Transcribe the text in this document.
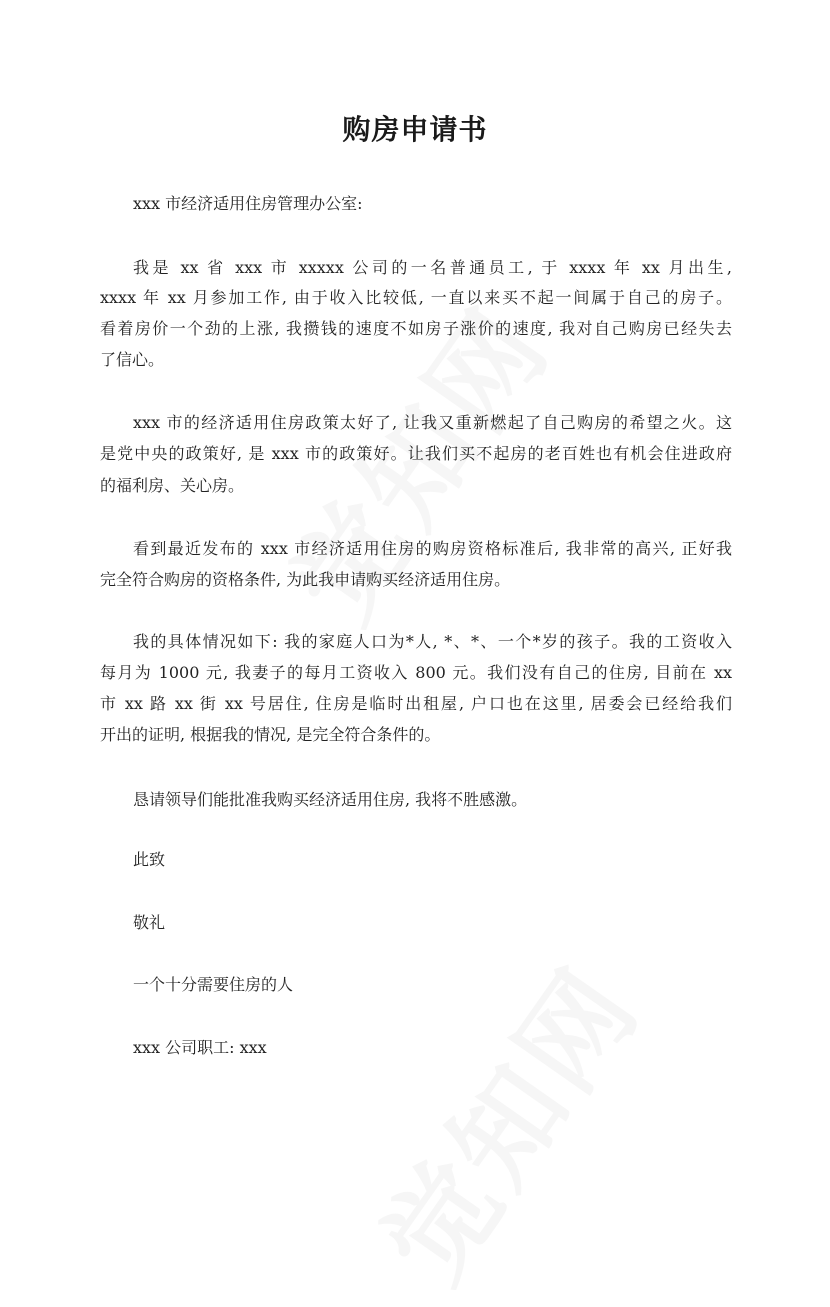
购房申请书
xxx 市经济适用住房管理办公室:
我是 xx 省 xxx 市 xxxxx 公司的一名普通员工, 于 xxxx 年 xx 月出生,
xxxx 年 xx 月参加工作, 由于收入比较低, 一直以来买不起一间属于自己的房子。
看着房价一个劲的上涨, 我攒钱的速度不如房子涨价的速度, 我对自己购房已经失去
了信心。
xxx 市的经济适用住房政策太好了, 让我又重新燃起了自己购房的希望之火。这
是党中央的政策好, 是 xxx 市的政策好。让我们买不起房的老百姓也有机会住进政府
的福利房、关心房。
看到最近发布的 xxx 市经济适用住房的购房资格标准后, 我非常的高兴, 正好我
完全符合购房的资格条件, 为此我申请购买经济适用住房。
我的具体情况如下: 我的家庭人口为*人, *、*、一个*岁的孩子。我的工资收入
每月为 1000 元, 我妻子的每月工资收入 800 元。我们没有自己的住房, 目前在 xx
市 xx 路 xx 街 xx 号居住, 住房是临时出租屋, 户口也在这里, 居委会已经给我们
开出的证明, 根据我的情况, 是完全符合条件的。
恳请领导们能批准我购买经济适用住房, 我将不胜感激。
此致
敬礼
一个十分需要住房的人
xxx 公司职工: xxx
